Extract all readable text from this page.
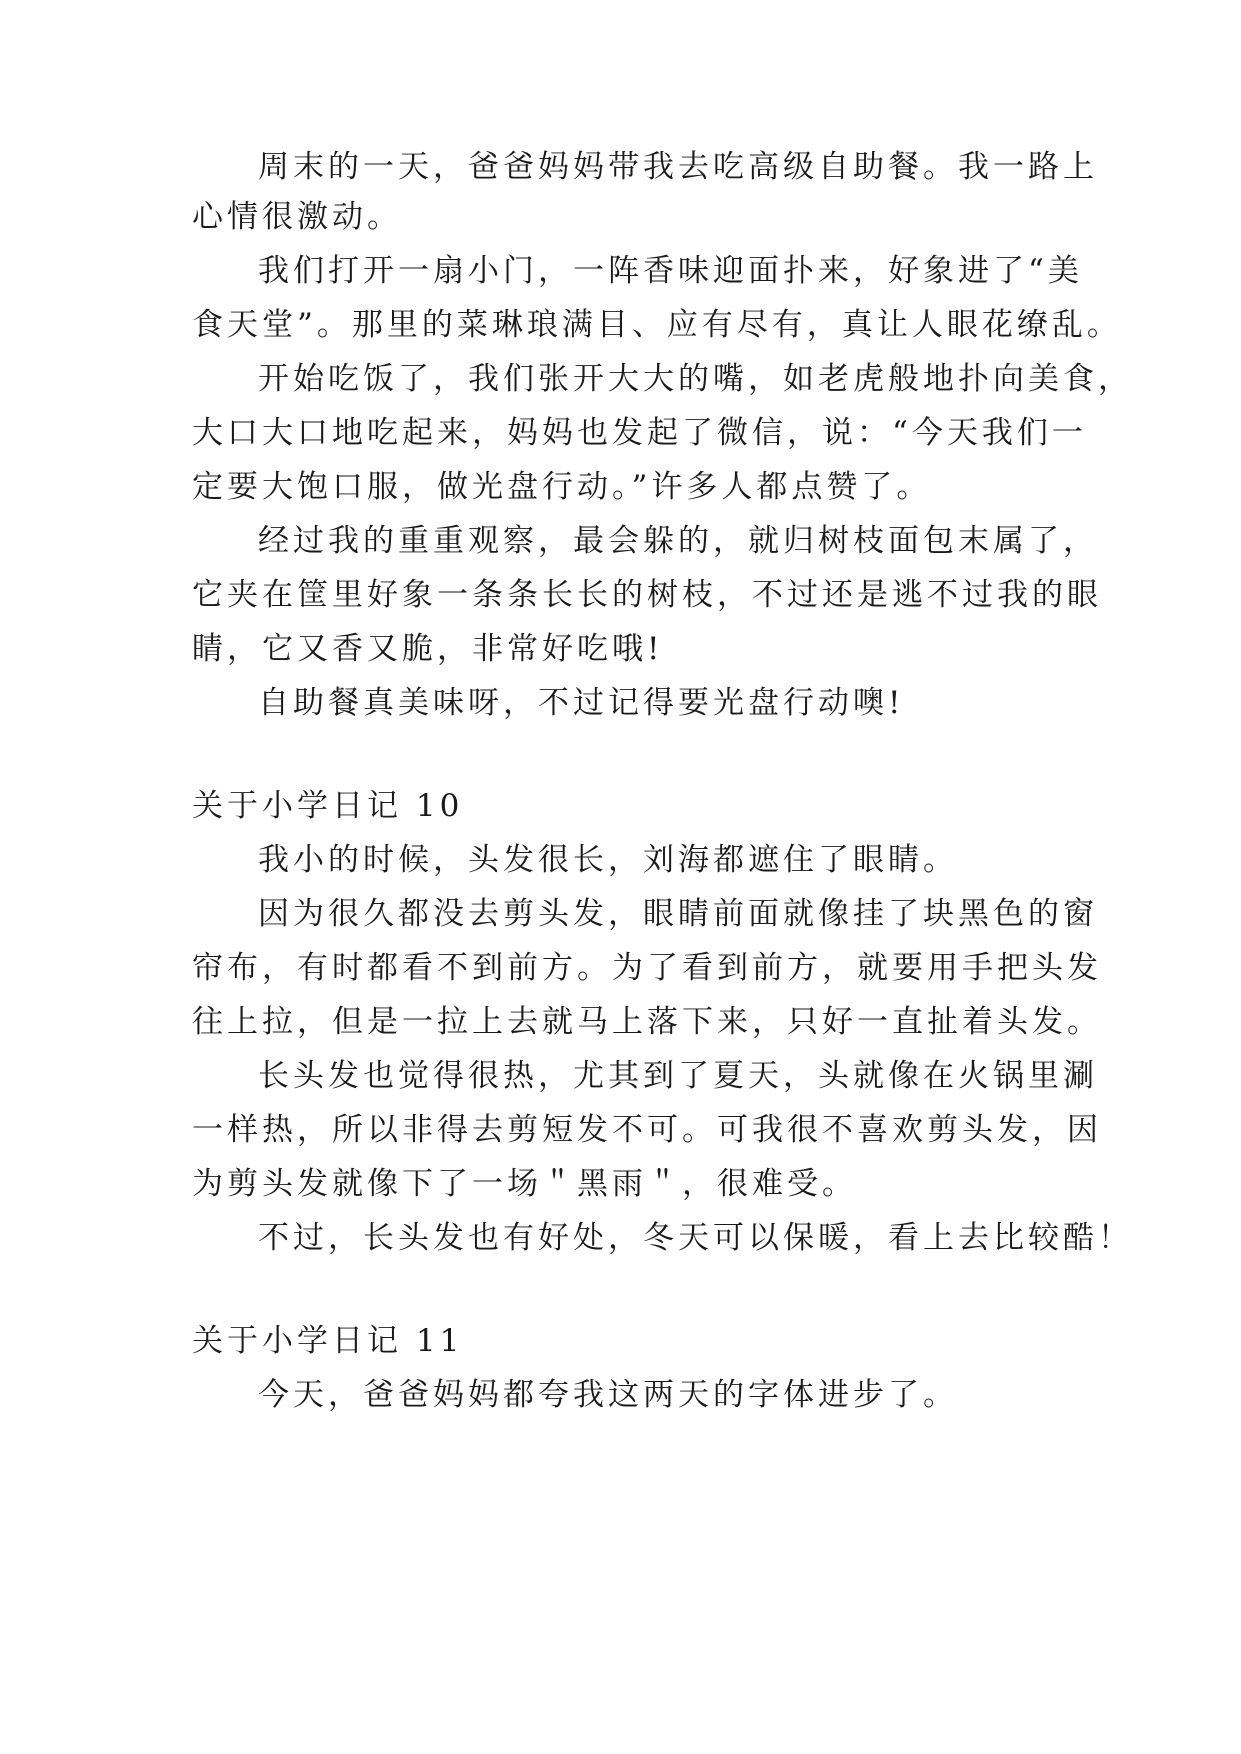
周末的一天，爸爸妈妈带我去吃高级自助餐。我一路上
心情很激动。
我们打开一扇小门，一阵香味迎面扑来，好象进了“美
食天堂”。那里的菜琳琅满目、应有尽有，真让人眼花缭乱。
开始吃饭了，我们张开大大的嘴，如老虎般地扑向美食，
大口大口地吃起来，妈妈也发起了微信，说：“今天我们一
定要大饱口服，做光盘行动。”许多人都点赞了。
经过我的重重观察，最会躲的，就归树枝面包末属了，
它夹在筐里好象一条条长长的树枝，不过还是逃不过我的眼
睛，它又香又脆，非常好吃哦!
自助餐真美味呀，不过记得要光盘行动噢!
关于小学日记 10
我小的时候，头发很长，刘海都遮住了眼睛。
因为很久都没去剪头发，眼睛前面就像挂了块黑色的窗
帘布，有时都看不到前方。为了看到前方，就要用手把头发
往上拉，但是一拉上去就马上落下来，只好一直扯着头发。
长头发也觉得很热，尤其到了夏天，头就像在火锅里涮
一样热，所以非得去剪短发不可。可我很不喜欢剪头发，因
为剪头发就像下了一场＂黑雨＂，很难受。
不过，长头发也有好处，冬天可以保暖，看上去比较酷！
关于小学日记 11
今天，爸爸妈妈都夸我这两天的字体进步了。
